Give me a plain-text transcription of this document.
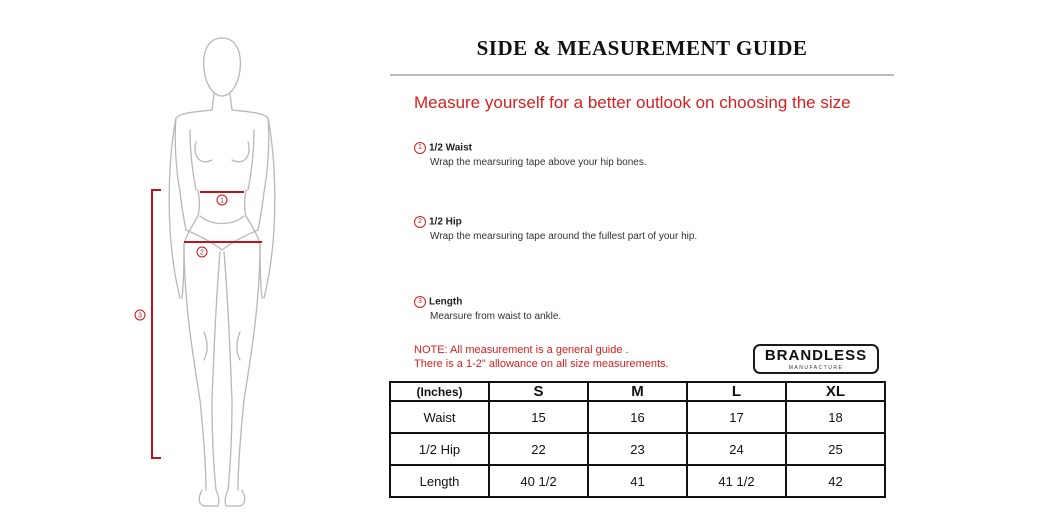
1
2
3
SIDE & MEASUREMENT GUIDE
Measure yourself for a better outlook on choosing the size
1 1/2 Waist
Wrap the mearsuring tape above your hip bones.
2 1/2 Hip
Wrap the mearsuring tape around the fullest part of your hip.
3 Length
Mearsure from waist to ankle.
NOTE: All measurement is a general guide .
There is a 1-2" allowance on all size measurements.	BRANDLESS
MANUFACTURE
(Inches)	S	M	L	XL
Waist	15	16	17	18
1/2 Hip	22	23	24	25
Length	40 1/2	41	41 1/2	42
